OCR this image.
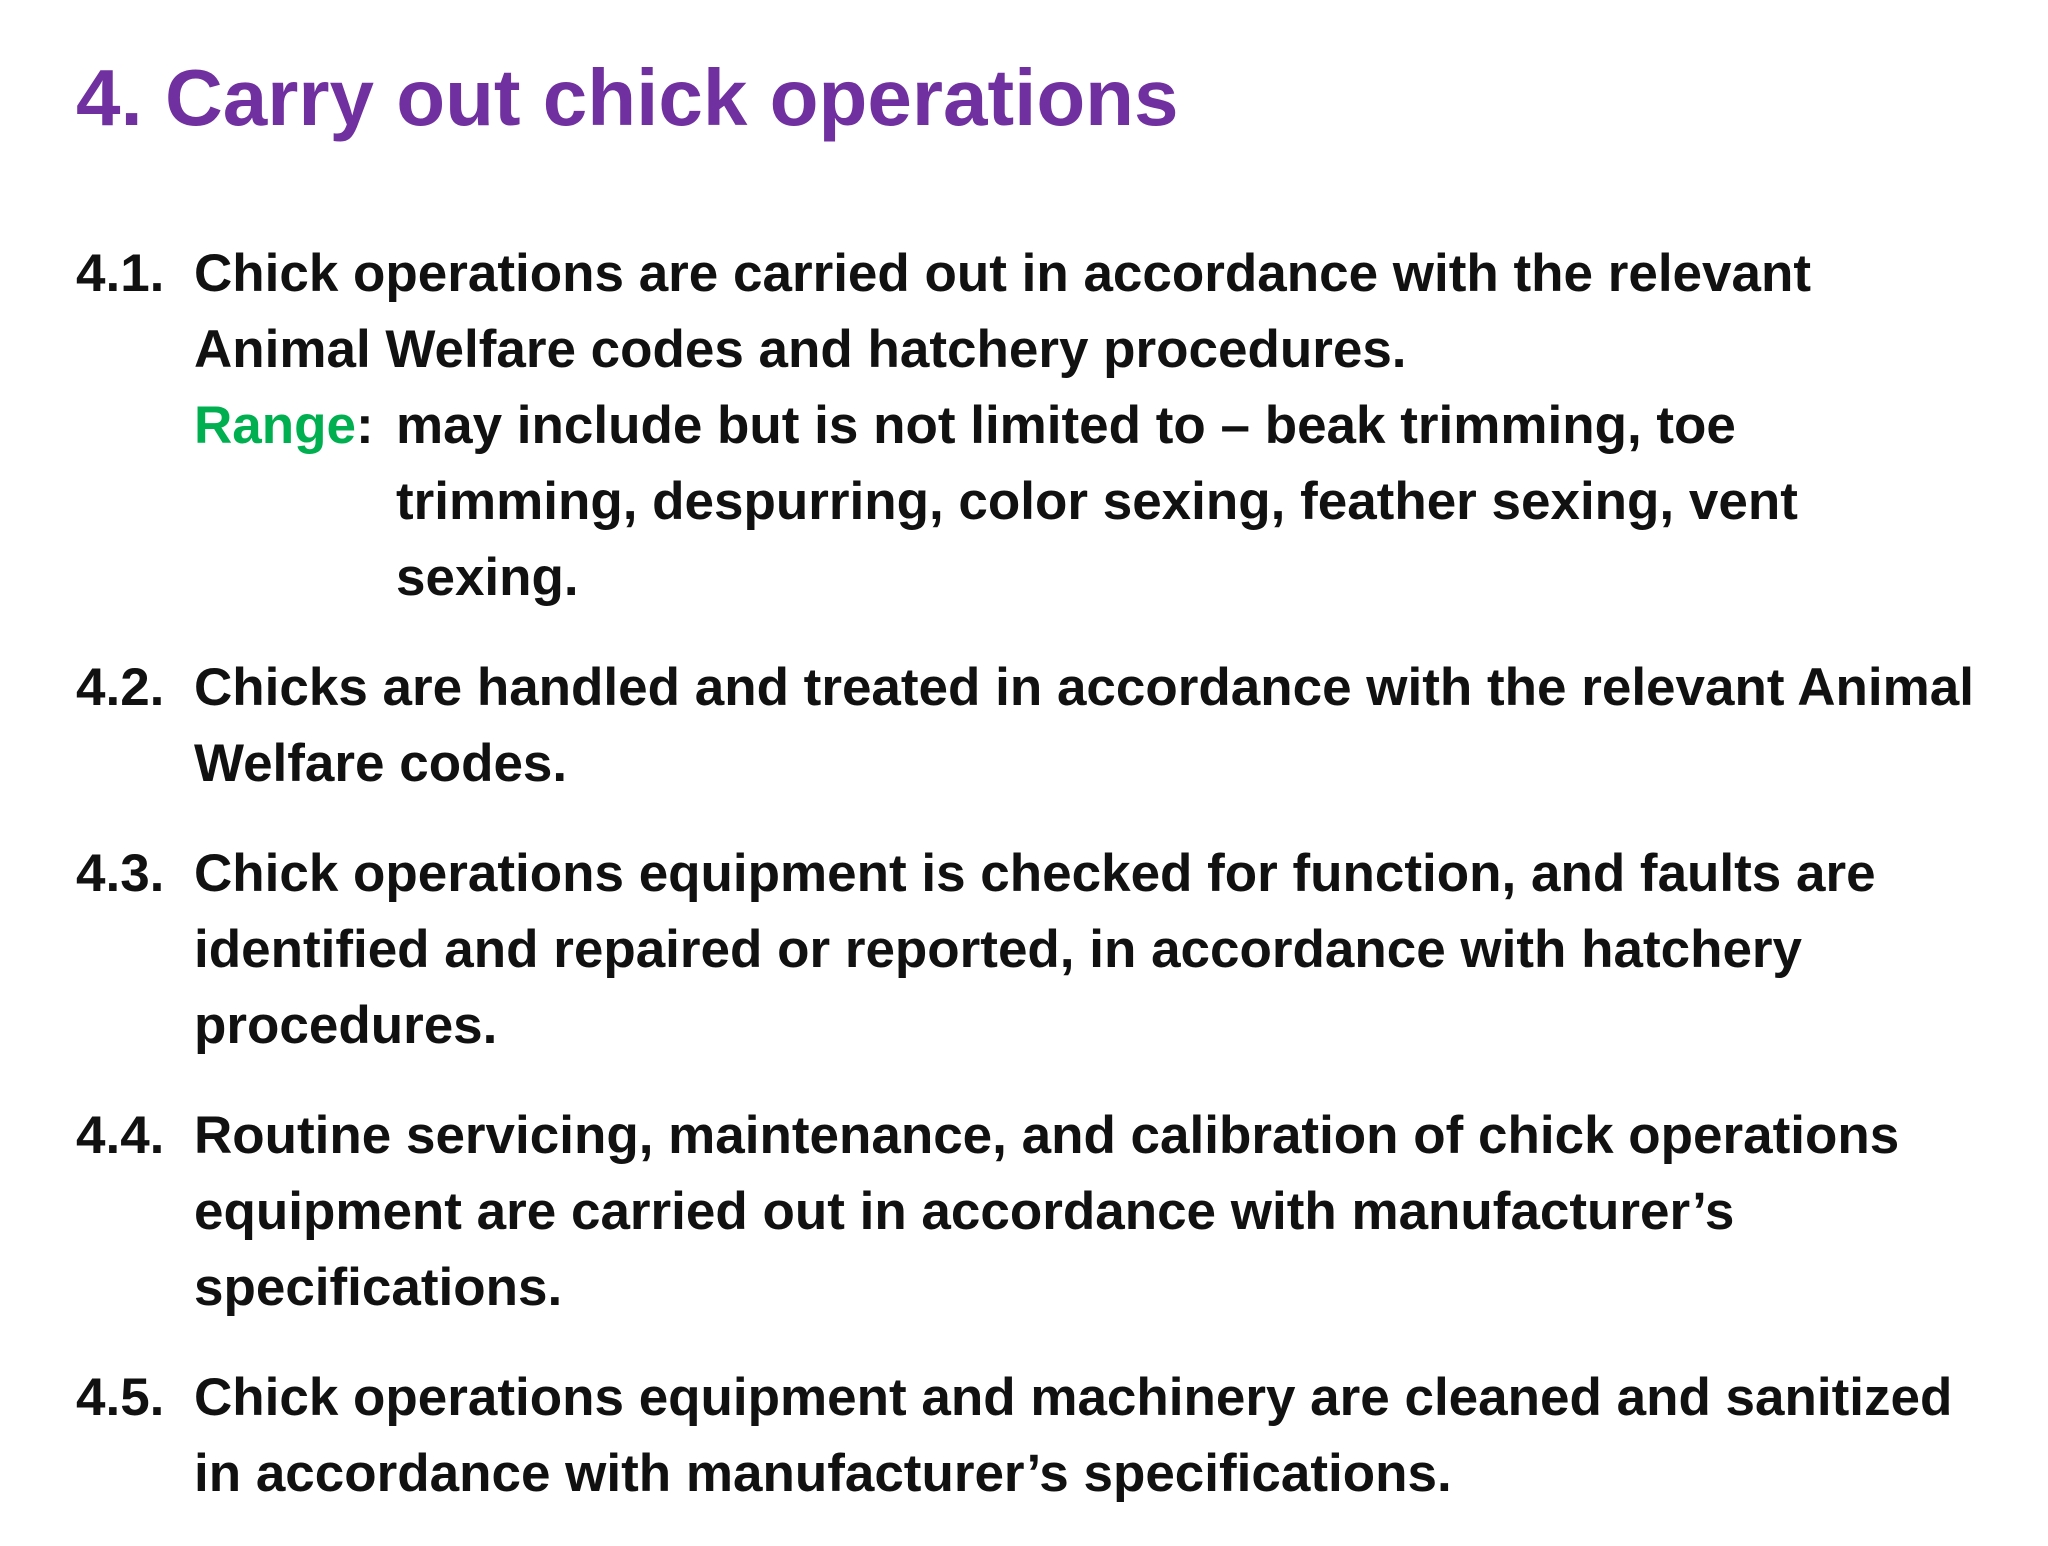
4. Carry out chick operations
4.1. Chick operations are carried out in accordance with the relevant Animal Welfare codes and hatchery procedures.
Range: may include but is not limited to – beak trimming, toe trimming, despurring, color sexing, feather sexing, vent sexing.
4.2. Chicks are handled and treated in accordance with the relevant Animal Welfare codes.
4.3. Chick operations equipment is checked for function, and faults are identified and repaired or reported, in accordance with hatchery procedures.
4.4. Routine servicing, maintenance, and calibration of chick operations equipment are carried out in accordance with manufacturer’s specifications.
4.5. Chick operations equipment and machinery are cleaned and sanitized in accordance with manufacturer’s specifications.
